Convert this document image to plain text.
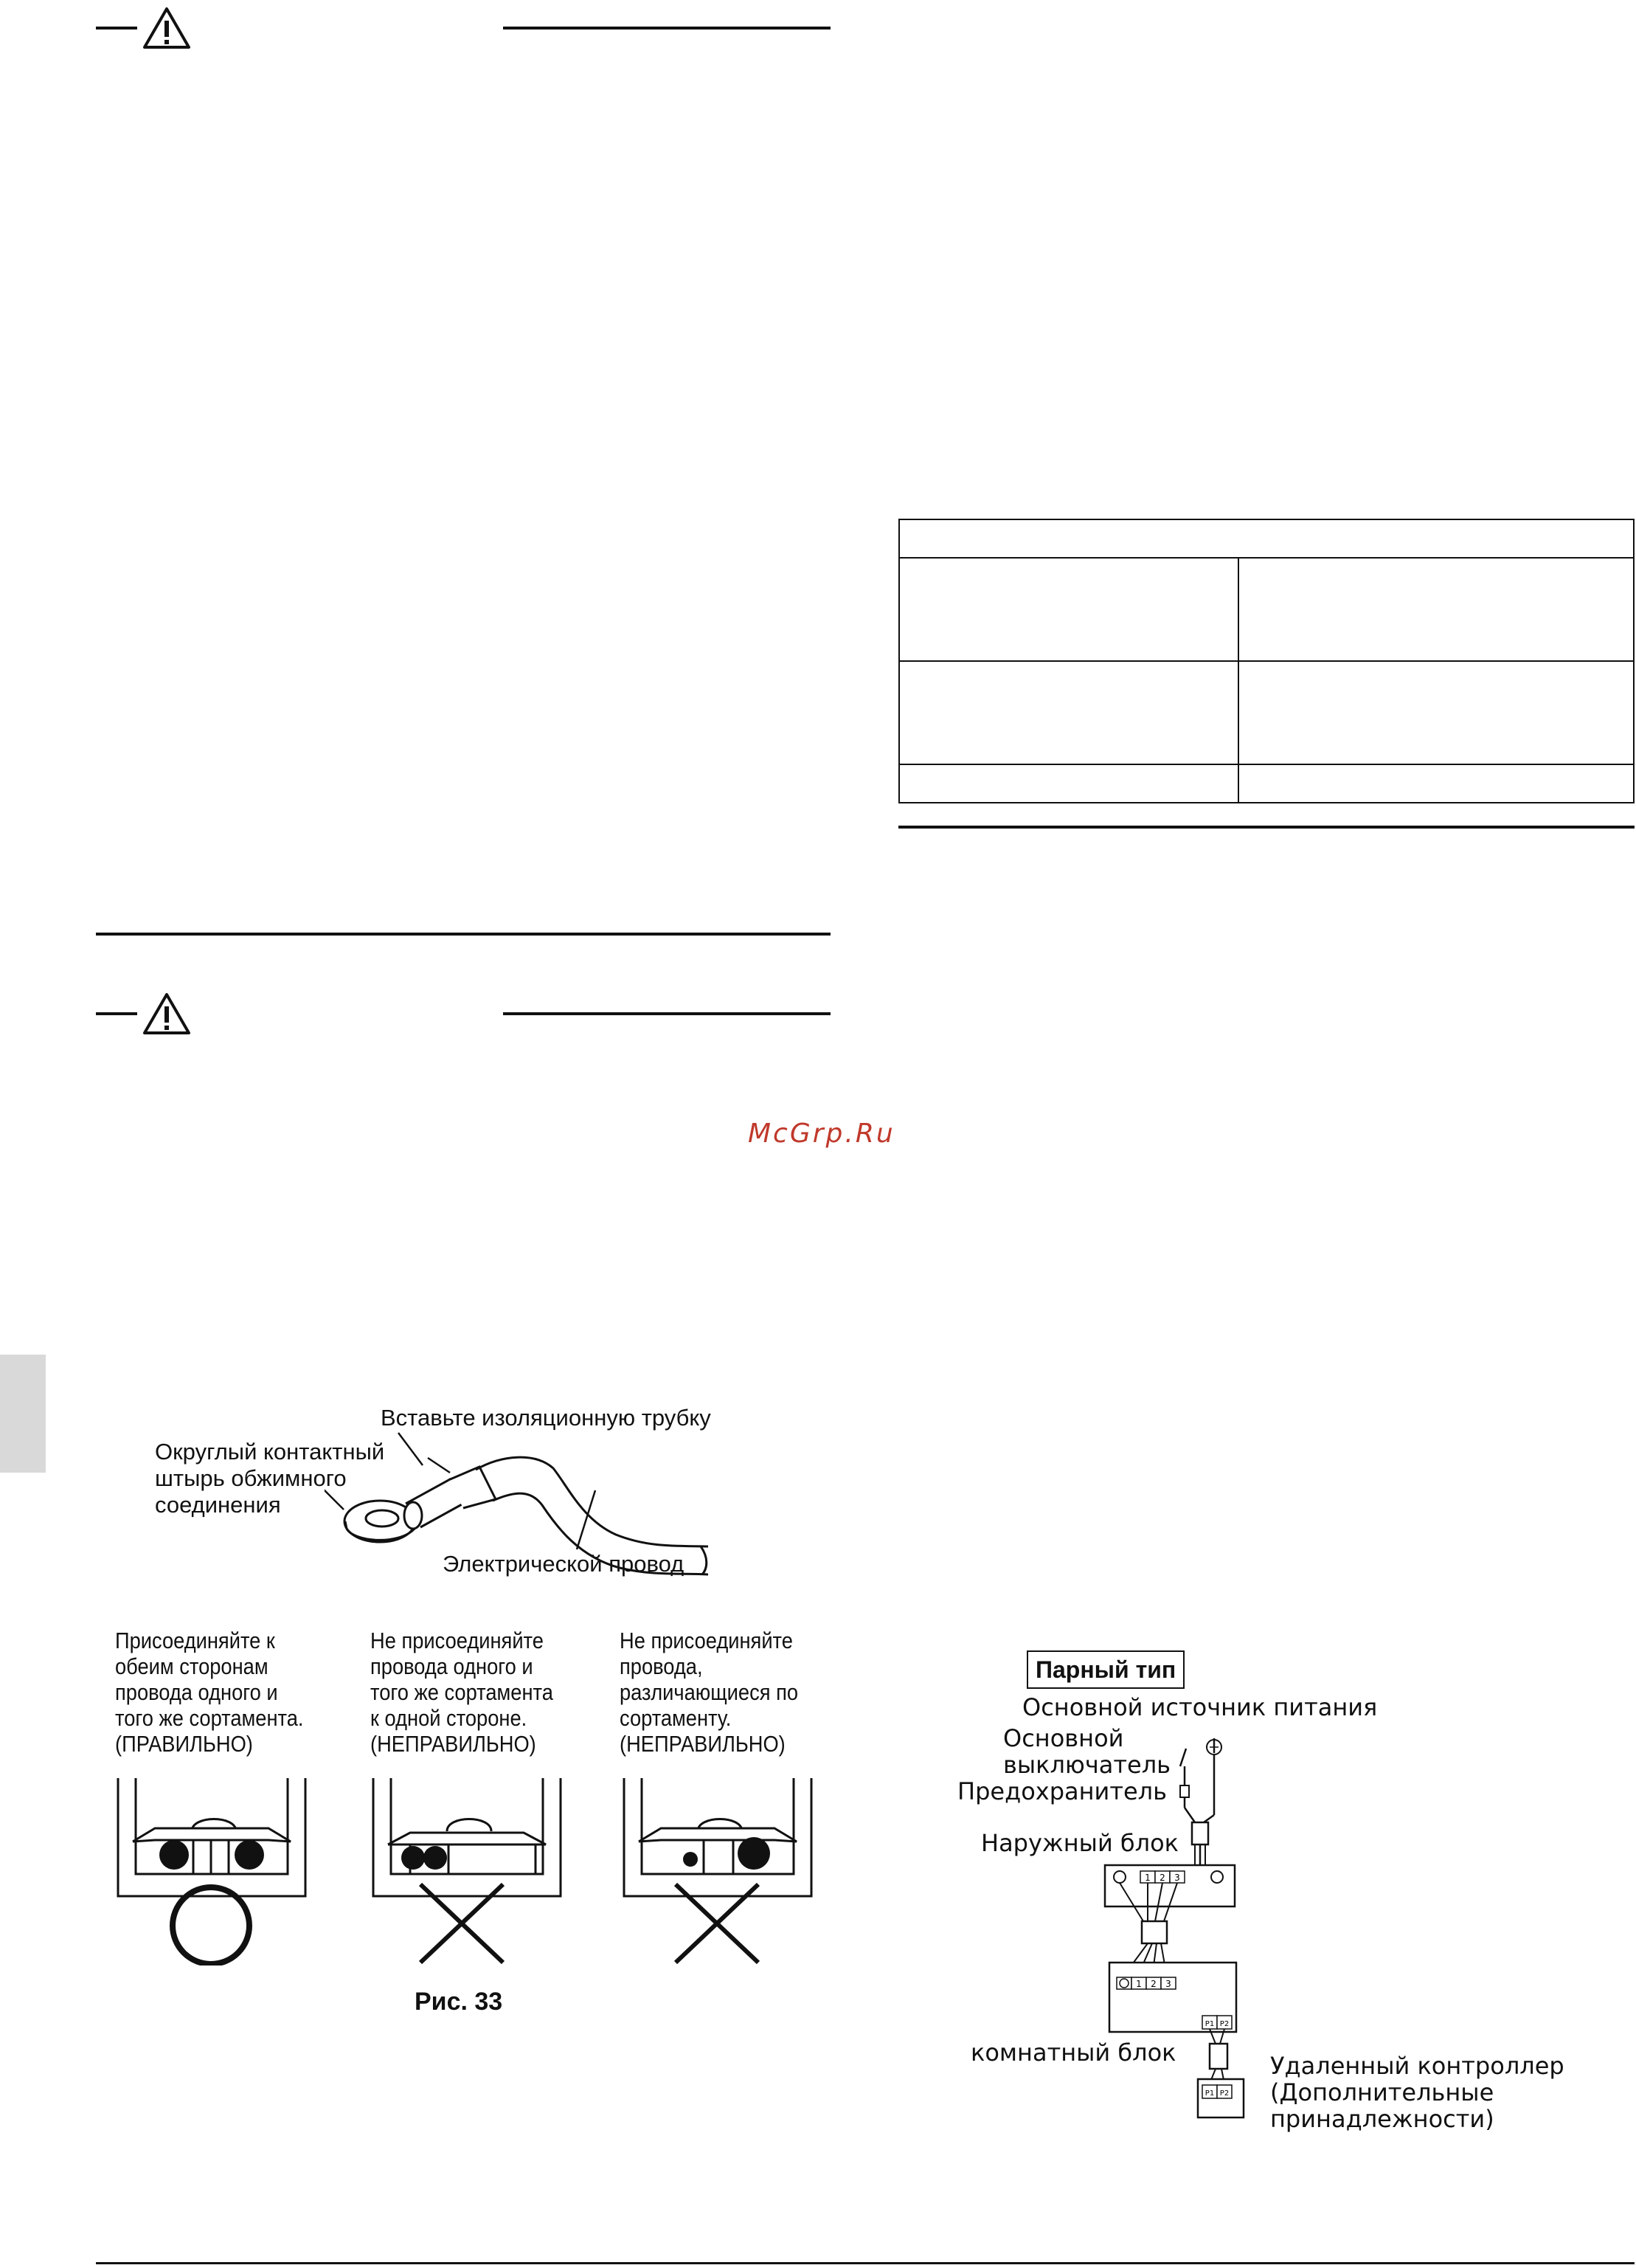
McGrp.Ru
Вставьте изоляционную трубку
Округлый контактный
штырь обжимного
соединения
Электрической провод
Присоединяйте к
обеим сторонам
провода одного и
того же сортамента.
(ПРАВИЛЬНО)
Не присоединяйте
провода одного и
того же сортамента
к одной стороне.
(НЕПРАВИЛЬНО)
Не присоединяйте
провода,
различающиеся по
сортаменту.
(НЕПРАВИЛЬНО)
Рис. 33
Парный тип
Основной источник питания
Основной
выключатель
Предохранитель
Наружный блок
комнатный блок	Удаленный контроллер
(Дополнительные
принадлежности)
1 2 3
1 2 3
P1 P2
P1 P2
